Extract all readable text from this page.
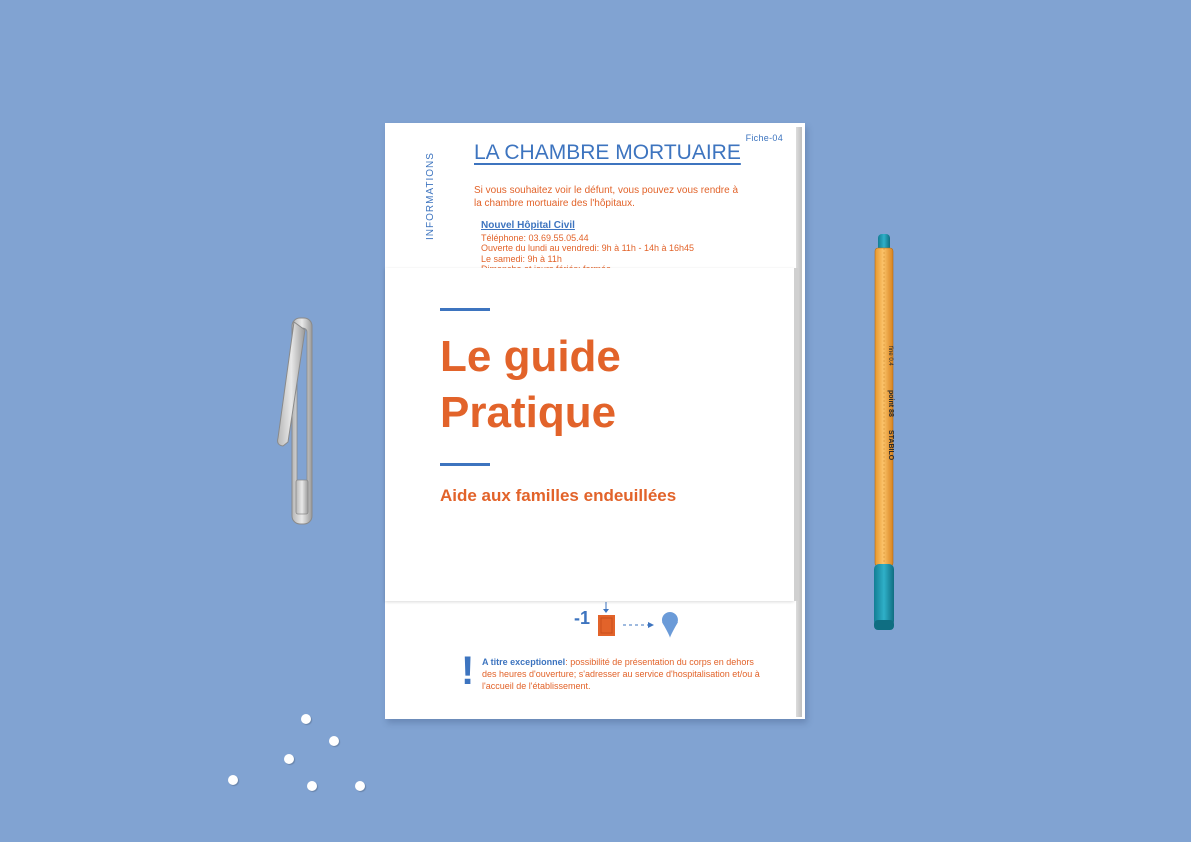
Fiche-04
INFORMATIONS LA CHAMBRE MORTUAIRE
Si vous souhaitez voir le défunt, vous pouvez vous rendre à la chambre mortuaire des l'hôpitaux.
Nouvel Hôpital Civil
Téléphone: 03.69.55.05.44
Ouverte du lundi au vendredi: 9h à 11h - 14h à 16h45
Le samedi: 9h à 11h
-1
! A titre exceptionnel: possibilité de présentation du corps en dehors des heures d'ouverture; s'adresser au service d'hospitalisation et/ou à l'accueil de l'établissement.
Le guide
Pratique
Aide aux familles endeuillées
STABILO
point 88
fine 0.4
